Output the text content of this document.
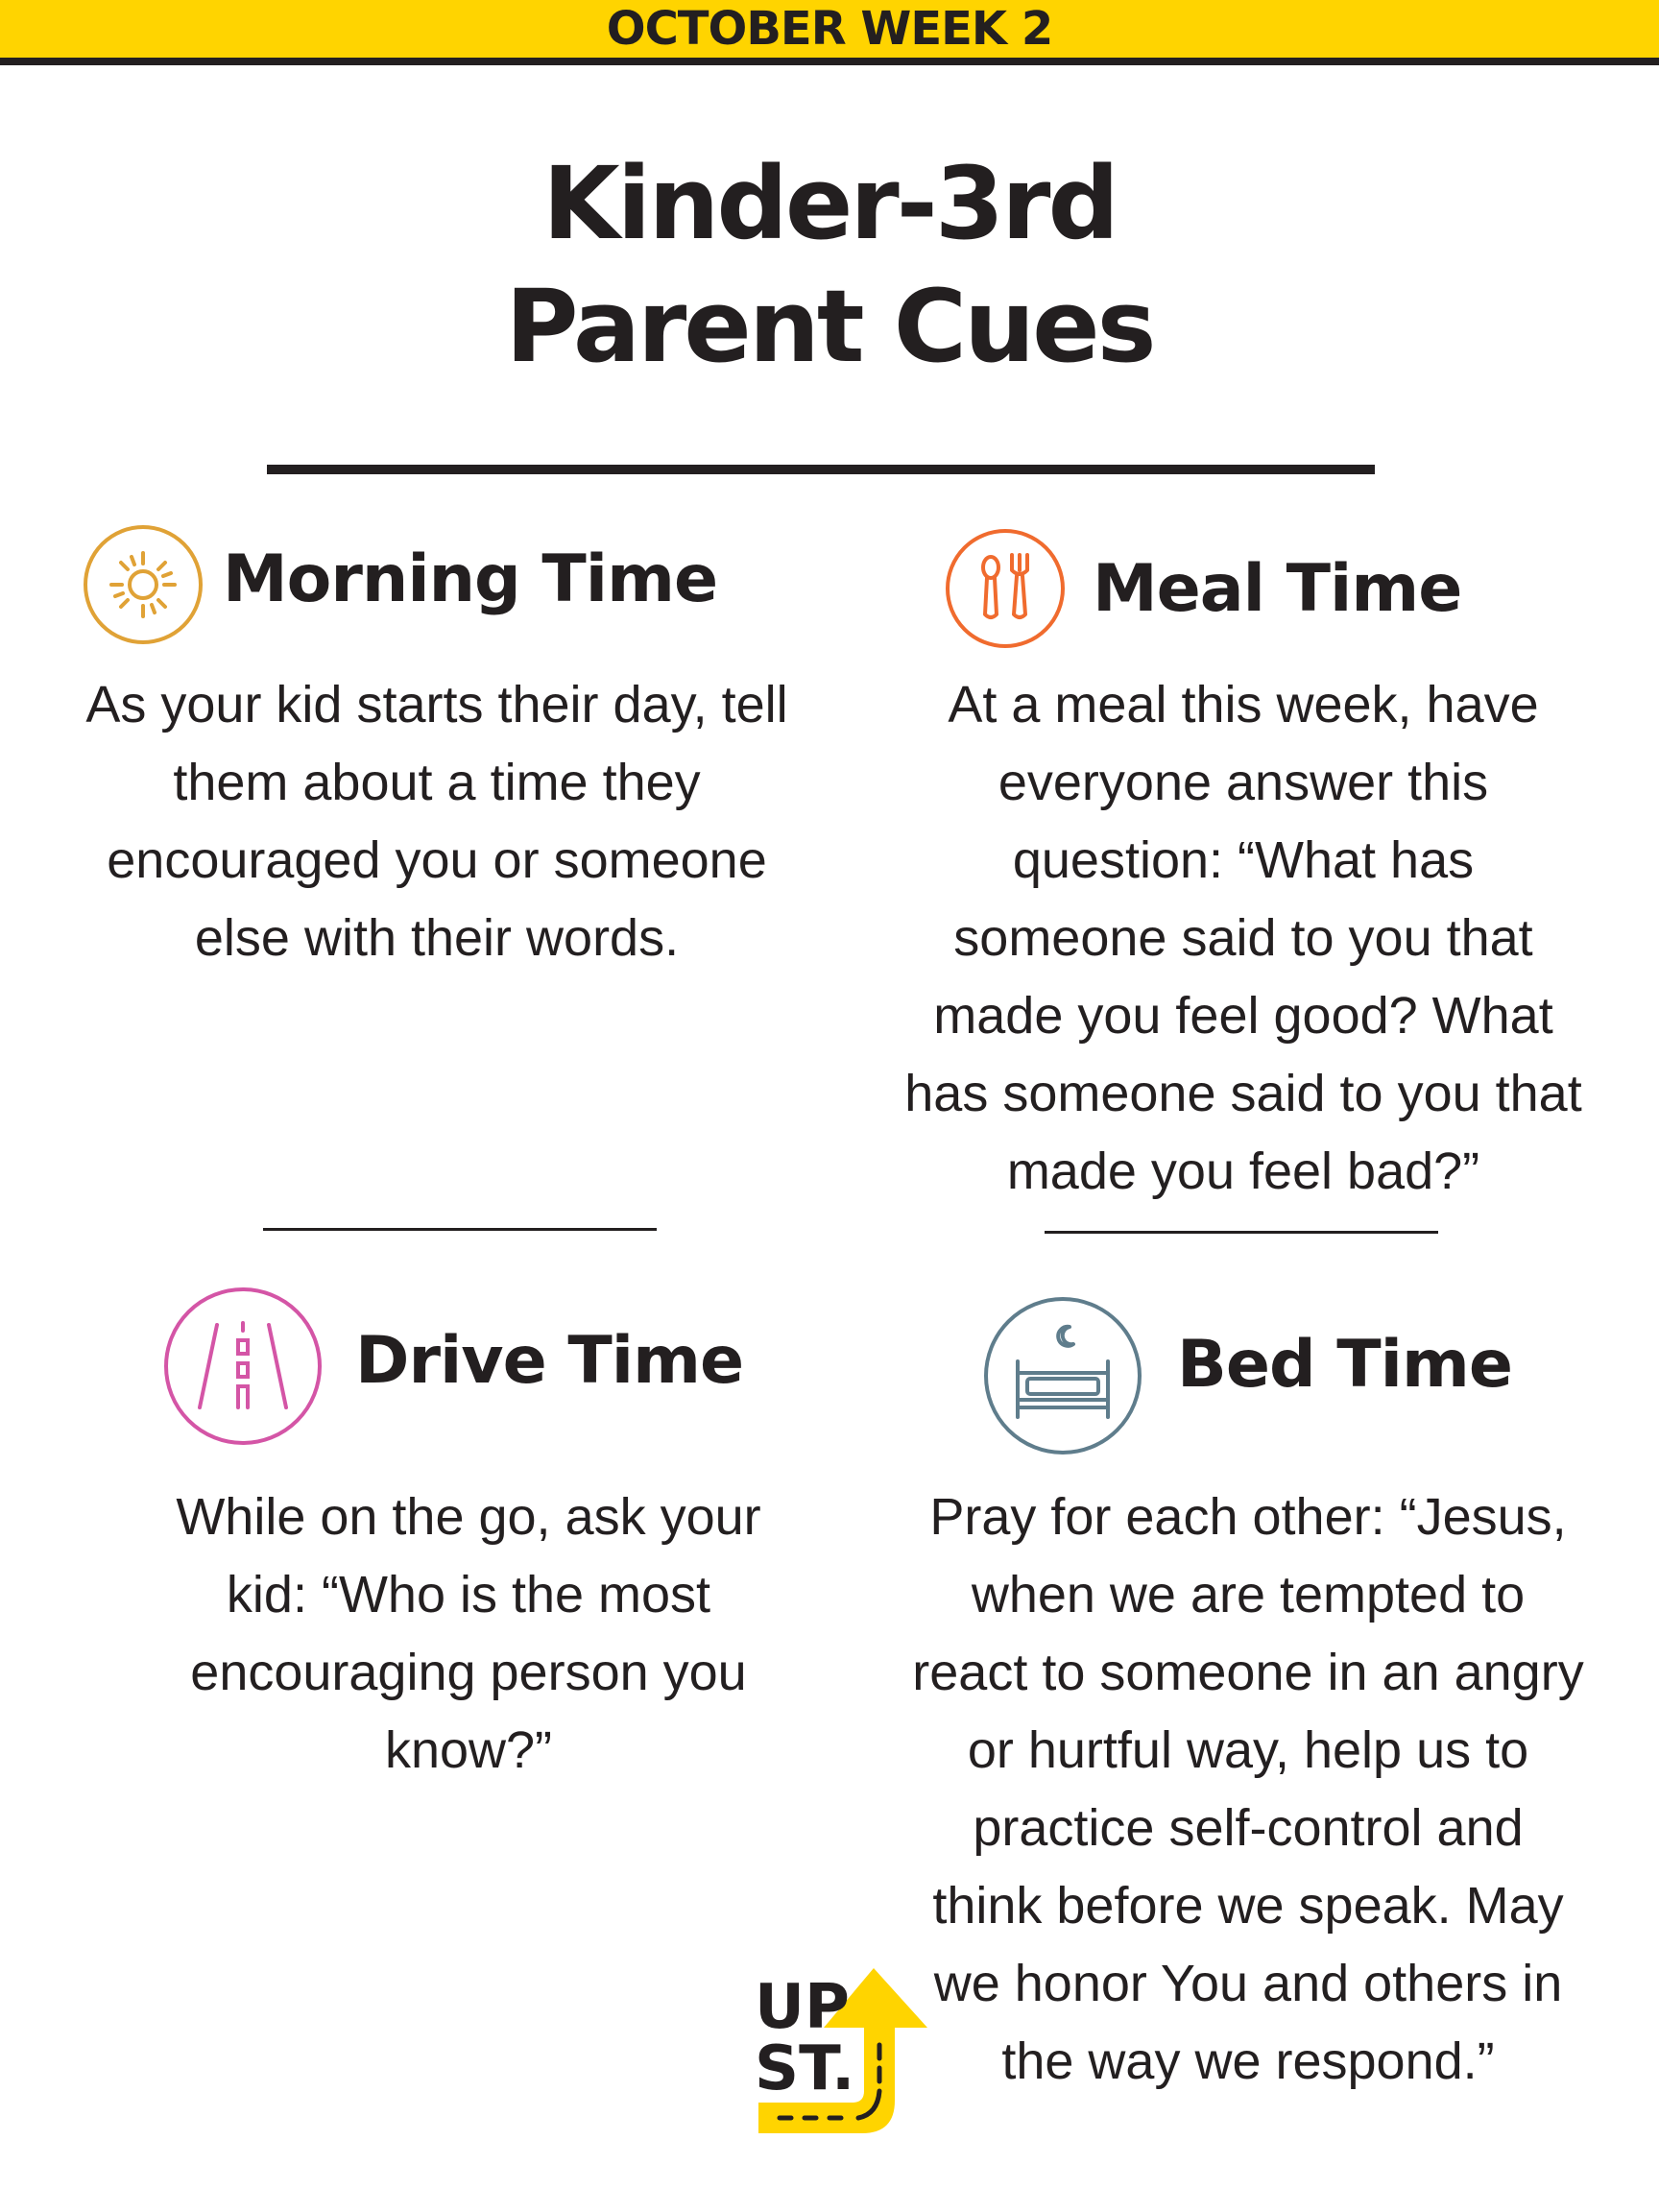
OCTOBER WEEK 2
Kinder-3rd
Parent Cues
Morning Time
As your kid starts their day, tell
them about a time they
encouraged you or someone
else with their words.
Meal Time
At a meal this week, have
everyone answer this
question: “What has
someone said to you that
made you feel good? What
has someone said to you that
made you feel bad?”
Drive Time
While on the go, ask your
kid: “Who is the most
encouraging person you
know?”
Bed Time
Pray for each other: “Jesus,
when we are tempted to
react to someone in an angry
or hurtful way, help us to
practice self-control and
think before we speak. May
we honor You and others in
the way we respond.”
UP
ST.
